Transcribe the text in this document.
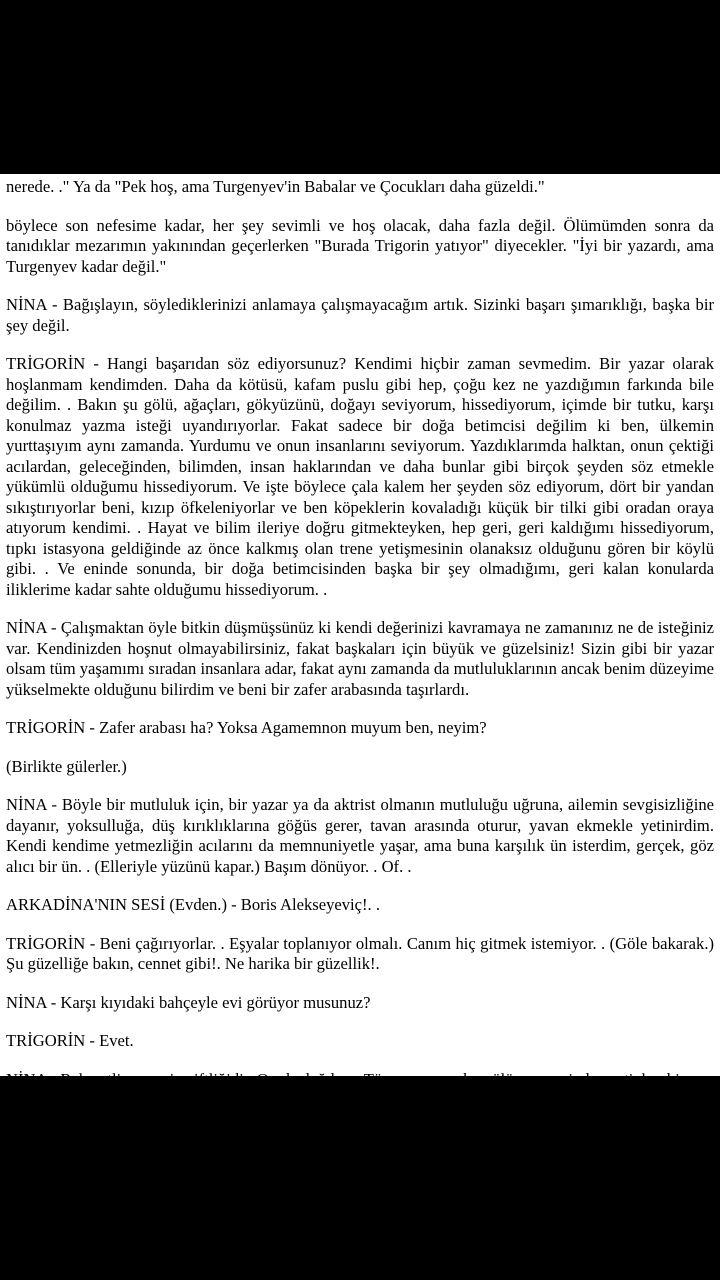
nerede. ." Ya da "Pek hoş, ama Turgenyev'in Babalar ve Çocukları daha güzeldi."

böylece son nefesime kadar, her şey sevimli ve hoş olacak, daha fazla değil. Ölümümden sonra da tanıdıklar mezarımın yakınından geçerlerken "Burada Trigorin yatıyor" diyecekler. "İyi bir yazardı, ama Turgenyev kadar değil."

NİNA - Bağışlayın, söylediklerinizi anlamaya çalışmayacağım artık. Sizinki başarı şımarıklığı, başka bir şey değil.

TRİGORİN - Hangi başarıdan söz ediyorsunuz? Kendimi hiçbir zaman sevmedim. Bir yazar olarak hoşlanmam kendimden. Daha da kötüsü, kafam puslu gibi hep, çoğu kez ne yazdığımın farkında bile değilim. . Bakın şu gölü, ağaçları, gökyüzünü, doğayı seviyorum, hissediyorum, içimde bir tutku, karşı konulmaz yazma isteği uyandırıyorlar. Fakat sadece bir doğa betimcisi değilim ki ben, ülkemin yurttaşıyım aynı zamanda. Yurdumu ve onun insanlarını seviyorum. Yazdıklarımda halktan, onun çektiği acılardan, geleceğinden, bilimden, insan haklarından ve daha bunlar gibi birçok şeyden söz etmekle yükümlü olduğumu hissediyorum. Ve işte böylece çala kalem her şeyden söz ediyorum, dört bir yandan sıkıştırıyorlar beni, kızıp öfkeleniyorlar ve ben köpeklerin kovaladığı küçük bir tilki gibi oradan oraya atıyorum kendimi. . Hayat ve bilim ileriye doğru gitmekteyken, hep geri, geri kaldığımı hissediyorum, tıpkı istasyona geldiğinde az önce kalkmış olan trene yetişmesinin olanaksız olduğunu gören bir köylü gibi. . Ve eninde sonunda, bir doğa betimcisinden başka bir şey olmadığımı, geri kalan konularda iliklerime kadar sahte olduğumu hissediyorum. .

NİNA - Çalışmaktan öyle bitkin düşmüşsünüz ki kendi değerinizi kavramaya ne zamanınız ne de isteğiniz var. Kendinizden hoşnut olmayabilirsiniz, fakat başkaları için büyük ve güzelsiniz! Sizin gibi bir yazar olsam tüm yaşamımı sıradan insanlara adar, fakat aynı zamanda da mutluluklarının ancak benim düzeyime yükselmekte olduğunu bilirdim ve beni bir zafer arabasında taşırlardı.

TRİGORİN - Zafer arabası ha? Yoksa Agamemnon muyum ben, neyim?

(Birlikte gülerler.)

NİNA - Böyle bir mutluluk için, bir yazar ya da aktrist olmanın mutluluğu uğruna, ailemin sevgisizliğine dayanır, yoksulluğa, düş kırıklıklarına göğüs gerer, tavan arasında oturur, yavan ekmekle yetinirdim. Kendi kendime yetmezliğin acılarını da memnuniyetle yaşar, ama buna karşılık ün isterdim, gerçek, göz alıcı bir ün. . (Elleriyle yüzünü kapar.) Başım dönüyor. . Of. .

ARKADİNA'NIN SESİ (Evden.) - Boris Alekseyeviç!. .

TRİGORİN - Beni çağırıyorlar. . Eşyalar toplanıyor olmalı. Canım hiç gitmek istemiyor. . (Göle bakarak.) Şu güzelliğe bakın, cennet gibi!. Ne harika bir güzellik!.

NİNA - Karşı kıyıdaki bahçeyle evi görüyor musunuz?

TRİGORİN - Evet.
